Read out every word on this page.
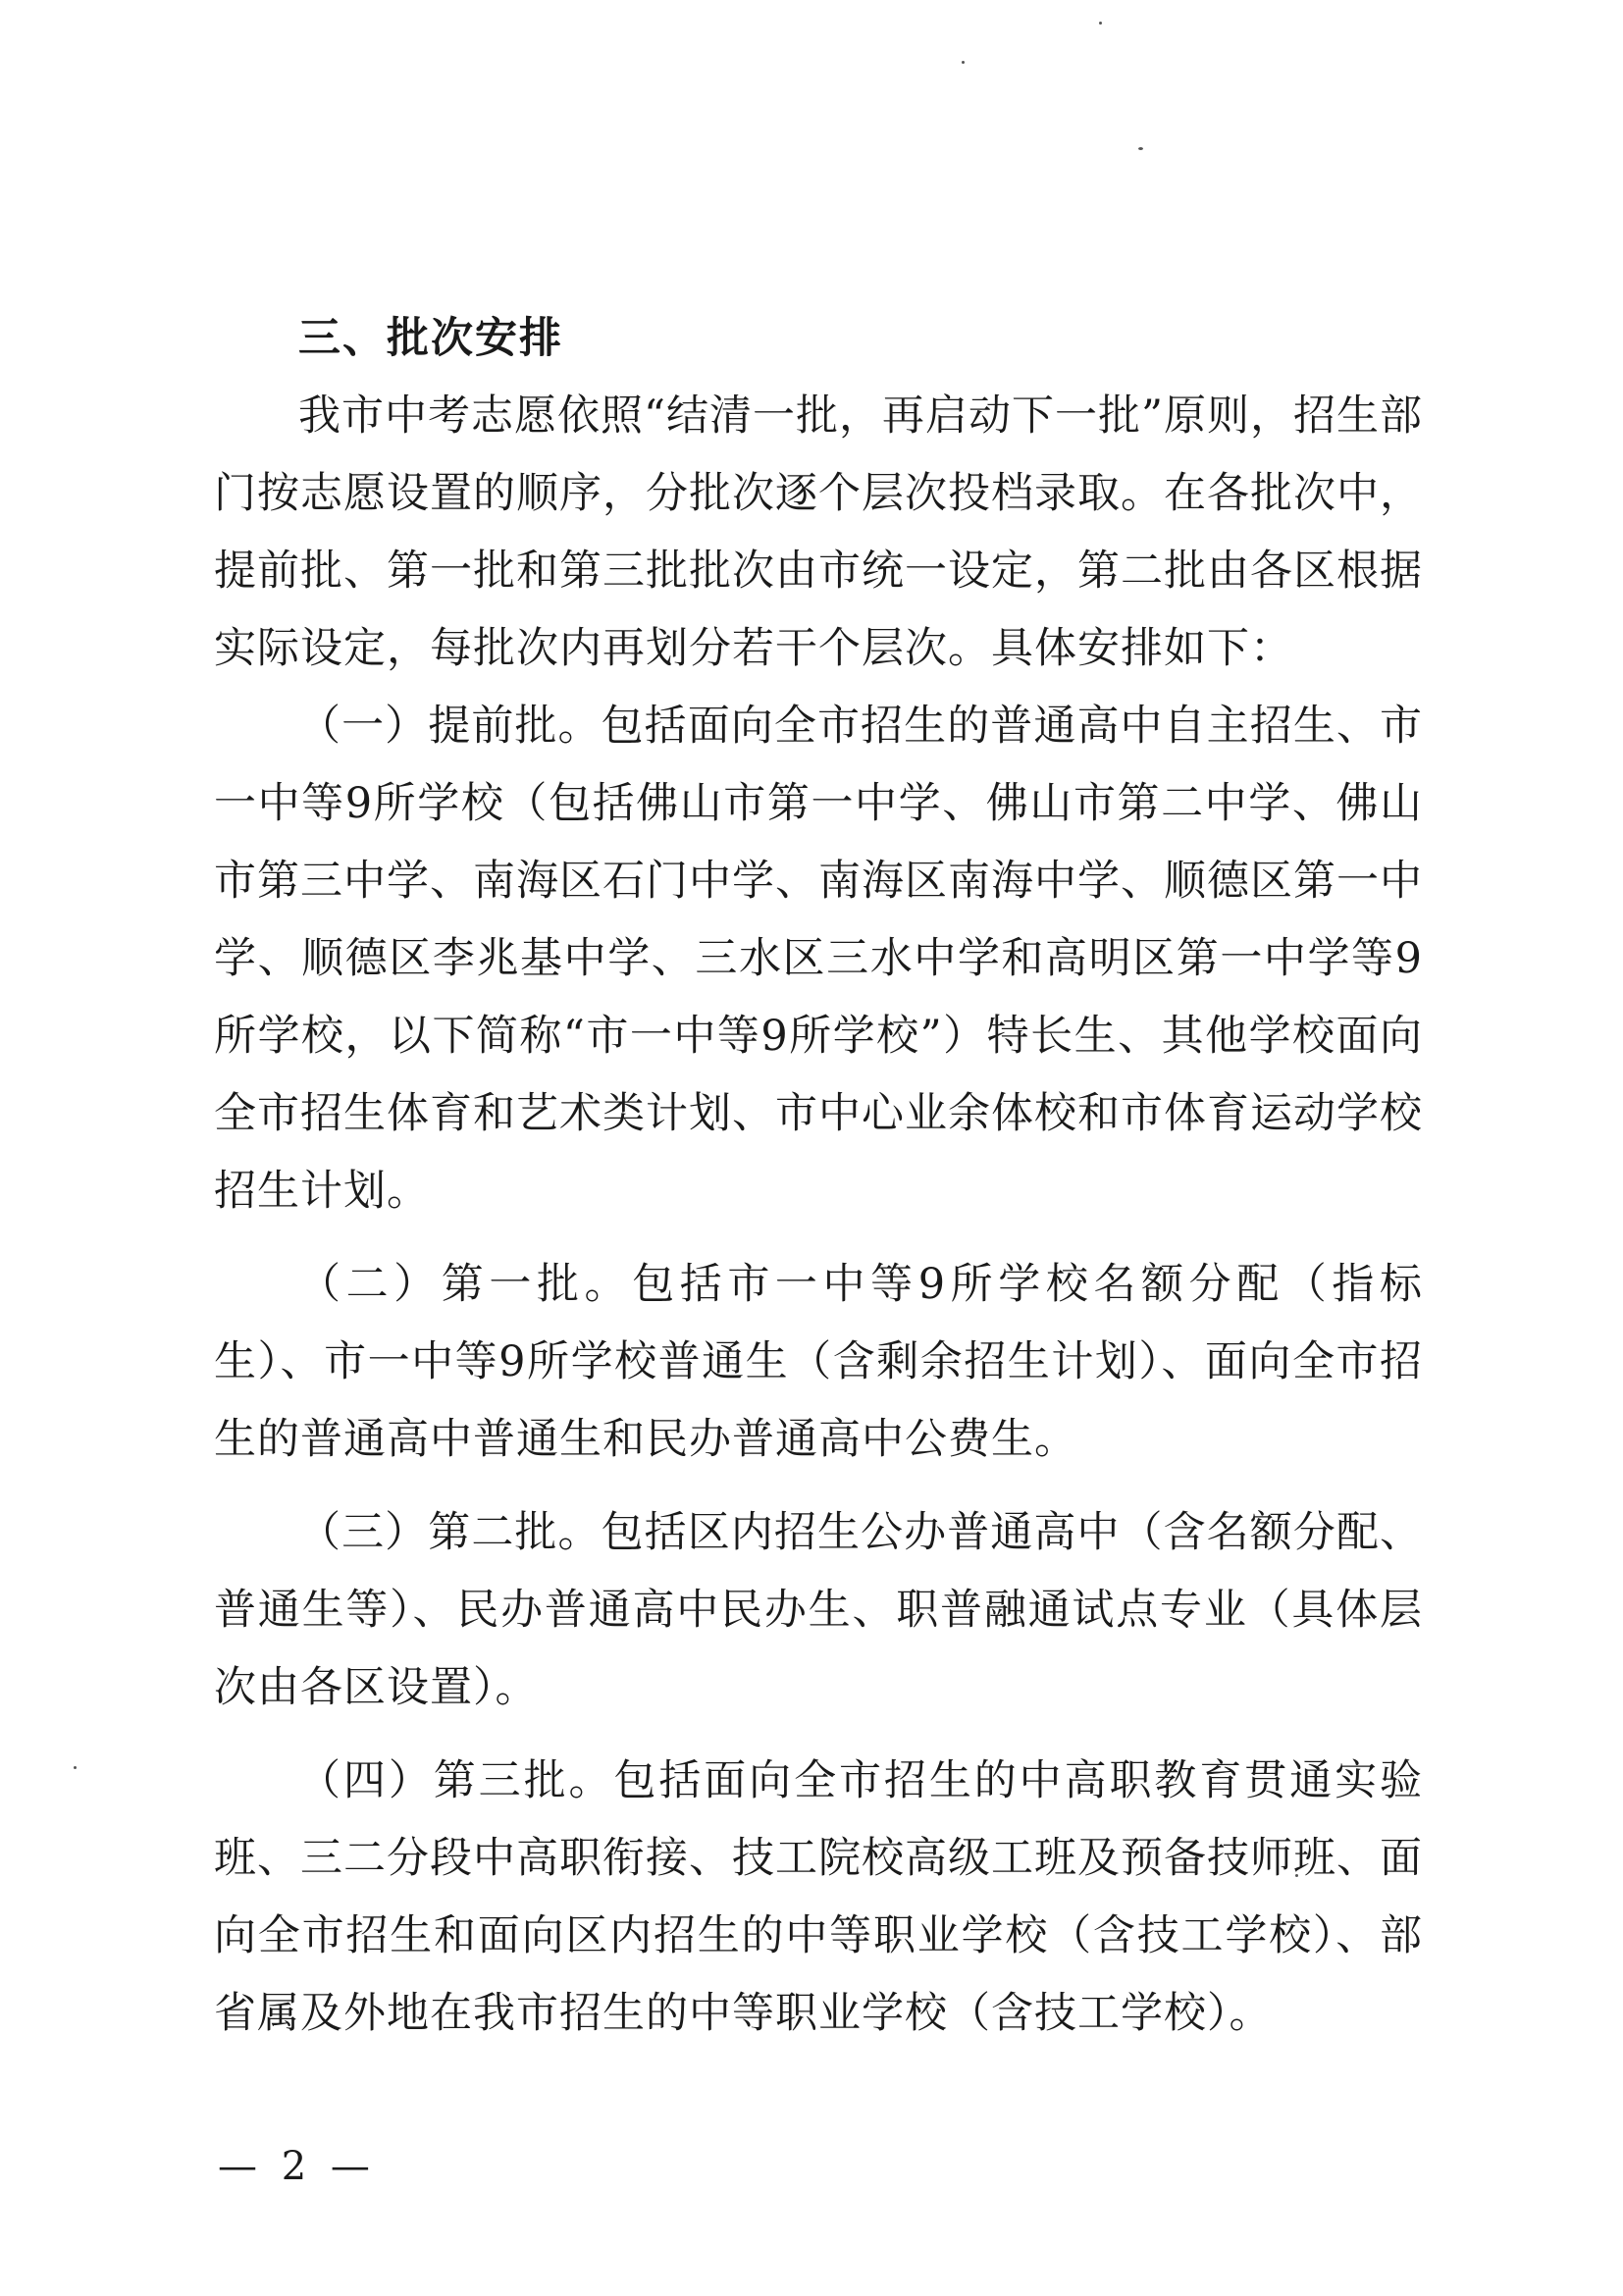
三、批次安排

我市中考志愿依照“结清一批，再启动下一批”原则，招生部门按志愿设置的顺序，分批次逐个层次投档录取。在各批次中，提前批、第一批和第三批批次由市统一设定，第二批由各区根据实际设定，每批次内再划分若干个层次。具体安排如下：

（一）提前批。包括面向全市招生的普通高中自主招生、市一中等9所学校（包括佛山市第一中学、佛山市第二中学、佛山市第三中学、南海区石门中学、南海区南海中学、顺德区第一中学、顺德区李兆基中学、三水区三水中学和高明区第一中学等9所学校，以下简称“市一中等9所学校”）特长生、其他学校面向全市招生体育和艺术类计划、市中心业余体校和市体育运动学校招生计划。

（二）第一批。包括市一中等9所学校名额分配（指标生）、市一中等9所学校普通生（含剩余招生计划）、面向全市招生的普通高中普通生和民办普通高中公费生。

（三）第二批。包括区内招生公办普通高中（含名额分配、普通生等）、民办普通高中民办生、职普融通试点专业（具体层次由各区设置）。

（四）第三批。包括面向全市招生的中高职教育贯通实验班、三二分段中高职衔接、技工院校高级工班及预备技师班、面向全市招生和面向区内招生的中等职业学校（含技工学校）、部省属及外地在我市招生的中等职业学校（含技工学校）。

— 2 —
